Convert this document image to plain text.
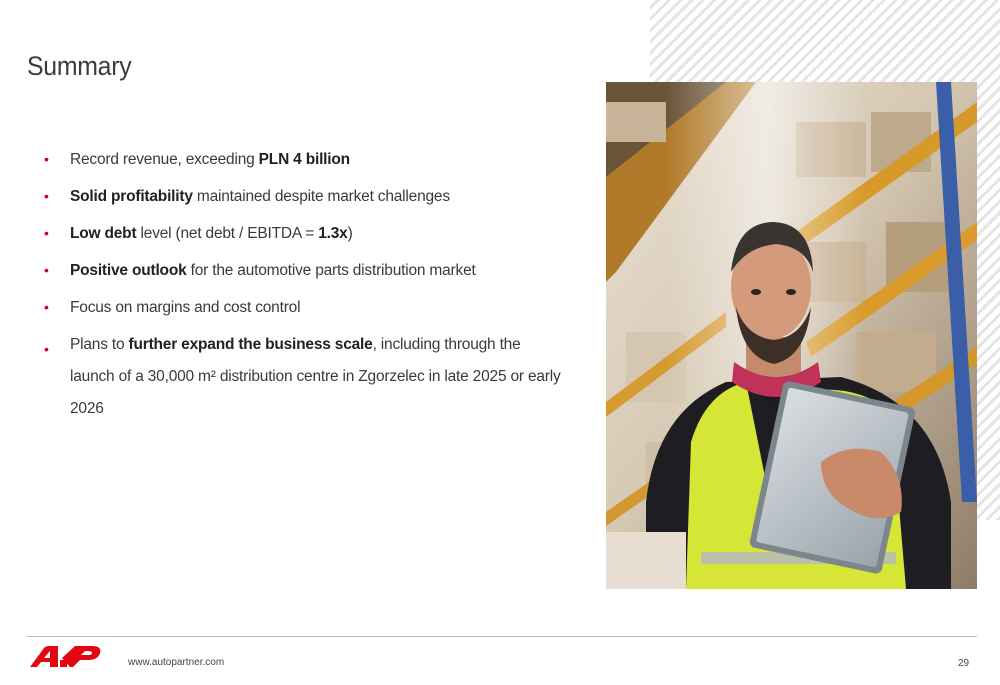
Summary
• Record revenue, exceeding PLN 4 billion
• Solid profitability maintained despite market challenges
• Low debt level (net debt / EBITDA = 1.3x)
• Positive outlook for the automotive parts distribution market
• Focus on margins and cost control
• Plans to further expand the business scale, including through the launch of a 30,000 m² distribution centre in Zgorzelec in late 2025 or early 2026
www.autopartner.com	29
